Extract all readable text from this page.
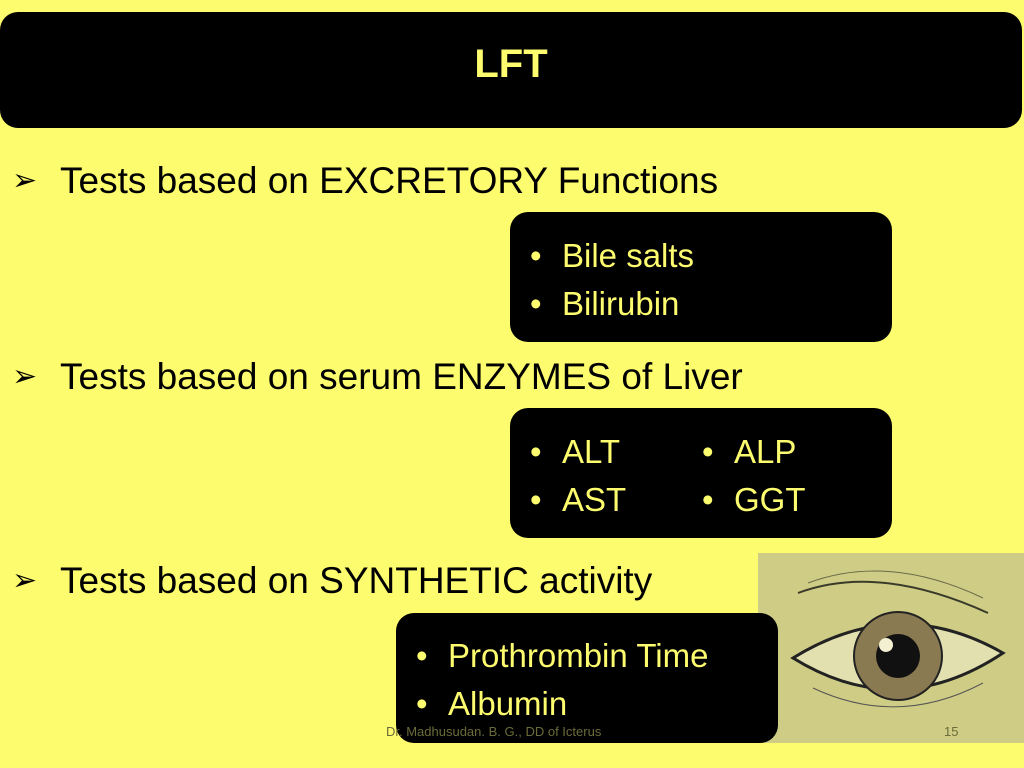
LFT
➢ Tests based on EXCRETORY Functions
• Bile salts
• Bilirubin
➢ Tests based on serum ENZYMES of Liver
• ALT
• AST
• ALP
• GGT
➢ Tests based on SYNTHETIC activity
• Prothrombin Time
• Albumin
Dr. Madhusudan. B. G., DD of Icterus	15
